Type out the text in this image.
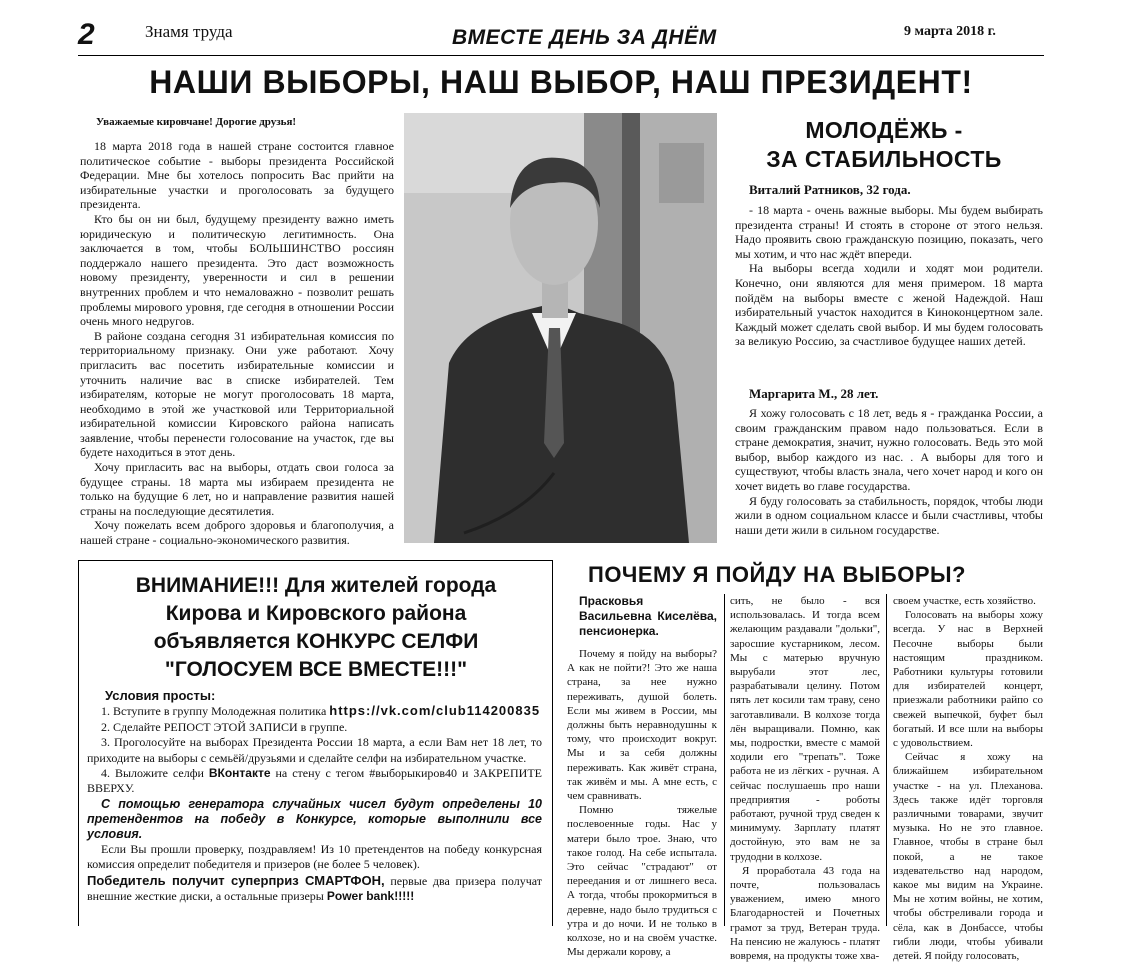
2	Знамя труда	ВМЕСТЕ ДЕНЬ ЗА ДНЁМ	9 марта 2018 г.
НАШИ ВЫБОРЫ, НАШ ВЫБОР, НАШ ПРЕЗИДЕНТ!
Уважаемые кировчане! Дорогие друзья!

18 марта 2018 года в нашей стране состоится главное политическое событие - выборы президента Российской Федерации. Мне бы хотелось попросить Вас прийти на избирательные участки и проголосовать за будущего президента.

Кто бы он ни был, будущему президенту важно иметь юридическую и политическую легитимность. Она заключается в том, чтобы БОЛЬШИНСТВО россиян поддержало нашего президента. Это даст возможность новому президенту, уверенности и сил в решении внутренних проблем и что немаловажно - позволит решать проблемы мирового уровня, где сегодня в отношении России очень много недругов.

В районе создана сегодня 31 избирательная комиссия по территориальному признаку. Они уже работают. Хочу пригласить вас посетить избирательные комиссии и уточнить наличие вас в списке избирателей. Тем избирателям, которые не могут проголосовать 18 марта, необходимо в этой же участковой или Территориальной избирательной комиссии Кировского района написать заявление, чтобы перенести голосование на участок, где вы будете находиться в этот день.

Хочу пригласить вас на выборы, отдать свои голоса за будущее страны. 18 марта мы избираем президента не только на будущие 6 лет, но и направление развития нашей страны на последующие десятилетия.

Хочу пожелать всем доброго здоровья и благополучия, а нашей стране - социально-экономического развития.

МОЛОДЁЖЬ -
ЗА СТАБИЛЬНОСТЬ
Виталий Ратников, 32 года.

- 18 марта - очень важные выборы. Мы будем выбирать президента страны! И стоять в стороне от этого нельзя. Надо проявить свою гражданскую позицию, показать, чего мы хотим, и что нас ждёт впереди.

На выборы всегда ходили и ходят мои родители. Конечно, они являются для меня примером. 18 марта пойдём на выборы вместе с женой Надеждой. Наш избирательный участок находится в Киноконцертном зале. Каждый может сделать свой выбор. И мы будем голосовать за великую Россию, за счастливое будущее наших детей.

Маргарита М., 28 лет.

Я хожу голосовать с 18 лет, ведь я - гражданка России, а своим гражданским правом надо пользоваться. Если в стране демократия, значит, нужно голосовать. Ведь это мой выбор, выбор каждого из нас. . А выборы для того и существуют, чтобы власть знала, чего хочет народ и кого он хочет видеть во главе государства.

Я буду голосовать за стабильность, порядок, чтобы люди жили в одном социальном классе и были счастливы, чтобы наши дети жили в сильном государстве.

ВНИМАНИЕ!!! Для жителей города
Кирова и Кировского района
объявляется КОНКУРС СЕЛФИ
"ГОЛОСУЕМ ВСЕ ВМЕСТЕ!!!"
Условия просты:

1. Вступите в группу Молодежная политика https://vk.com/club114200835

2. Сделайте РЕПОСТ ЭТОЙ ЗАПИСИ в группе.

3. Проголосуйте на выборах Президента России 18 марта, а если Вам нет 18 лет, то приходите на выборы с семьёй/друзьями и сделайте селфи на избирательном участке.

4. Выложите селфи ВКонтакте на стену с тегом #выборыкиров40 и ЗАКРЕПИТЕ ВВЕРХУ.

С помощью генератора случайных чисел будут определены 10 претендентов на победу в Конкурсе, которые выполнили все условия.

Если Вы прошли проверку, поздравляем! Из 10 претендентов на победу конкурсная комиссия определит победителя и призеров (не более 5 человек).

Победитель получит суперприз СМАРТФОН, первые два призера получат внешние жесткие диски, а остальные призеры Power bank!!!!!
ПОЧЕМУ Я ПОЙДУ НА ВЫБОРЫ?
Прасковья Васильевна Киселёва, пенсионерка.

Почему я пойду на выборы? А как не пойти?! Это же наша страна, за нее нужно переживать, душой болеть. Если мы живем в России, мы должны быть неравнодушны к тому, что происходит вокруг. Мы и за себя должны переживать. Как живёт страна, так живём и мы. А мне есть, с чем сравнивать.

Помню тяжелые послевоенные годы. Нас у матери было трое. Знаю, что такое голод. На себе испытала. Это сейчас "страдают" от переедания и от лишнего веса. А тогда, чтобы прокормиться в деревне, надо было трудиться с утра и до ночи. И не только в колхозе, но и на своём участке. Мы держали корову, а

сить, не было - вся использовалась. И тогда всем желающим раздавали "дольки", заросшие кустарником, лесом. Мы с матерью вручную вырубали этот лес, разрабатывали целину. Потом пять лет косили там траву, сено заготавливали. В колхозе тогда лён выращивали. Помню, как мы, подростки, вместе с мамой ходили его "трепать". Тоже работа не из лёгких - ручная. А сейчас послушаешь про наши предприятия - роботы работают, ручной труд сведен к минимуму. Зарплату платят достойную, это вам не за трудодни в колхозе.

Я проработала 43 года на почте, пользовалась уважением, имею много Благодарностей и Почетных грамот за труд, Ветеран труда. На пенсию не жалуюсь - платят вовремя, на продукты тоже хва-

своем участке, есть хозяйство.

Голосовать на выборы хожу всегда. У нас в Верхней Песочне выборы были настоящим праздником. Работники культуры готовили для избирателей концерт, приезжали работники райпо со свежей выпечкой, буфет был богатый. И все шли на выборы с удовольствием.

Сейчас я хожу на ближайшем избирательном участке - на ул. Плеханова. Здесь также идёт торговля различными товарами, звучит музыка. Но не это главное. Главное, чтобы в стране был покой, а не такое издевательство над народом, какое мы видим на Украине. Мы не хотим войны, не хотим, чтобы обстреливали города и сёла, как в Донбассе, чтобы гибли люди, чтобы убивали детей. Я пойду голосовать,
